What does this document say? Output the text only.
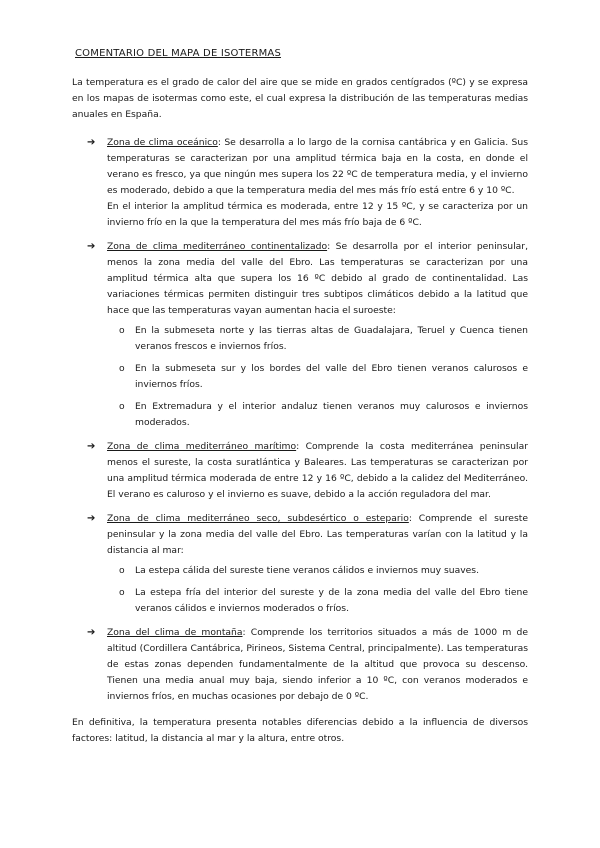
COMENTARIO DEL MAPA DE ISOTERMAS

La temperatura es el grado de calor del aire que se mide en grados centígrados (ºC) y se expresa en los mapas de isotermas como este, el cual expresa la distribución de las temperaturas medias anuales en España.

➔ Zona de clima oceánico: Se desarrolla a lo largo de la cornisa cantábrica y en Galicia. Sus temperaturas se caracterizan por una amplitud térmica baja en la costa, en donde el verano es fresco, ya que ningún mes supera los 22 ºC de temperatura media, y el invierno es moderado, debido a que la temperatura media del mes más frío está entre 6 y 10 ºC.

En el interior la amplitud térmica es moderada, entre 12 y 15 ºC, y se caracteriza por un invierno frío en la que la temperatura del mes más frío baja de 6 ºC.

➔ Zona de clima mediterráneo continentalizado: Se desarrolla por el interior peninsular, menos la zona media del valle del Ebro. Las temperaturas se caracterizan por una amplitud térmica alta que supera los 16 ºC debido al grado de continentalidad. Las variaciones térmicas permiten distinguir tres subtipos climáticos debido a la latitud que hace que las temperaturas vayan aumentan hacia el suroeste:

o En la submeseta norte y las tierras altas de Guadalajara, Teruel y Cuenca tienen veranos frescos e inviernos fríos.
o En la submeseta sur y los bordes del valle del Ebro tienen veranos calurosos e inviernos fríos.
o En Extremadura y el interior andaluz tienen veranos muy calurosos e inviernos moderados.
➔ Zona de clima mediterráneo marítimo: Comprende la costa mediterránea peninsular menos el sureste, la costa suratlántica y Baleares. Las temperaturas se caracterizan por una amplitud térmica moderada de entre 12 y 16 ºC, debido a la calidez del Mediterráneo. El verano es caluroso y el invierno es suave, debido a la acción reguladora del mar.

➔ Zona de clima mediterráneo seco, subdesértico o estepario: Comprende el sureste peninsular y la zona media del valle del Ebro. Las temperaturas varían con la latitud y la distancia al mar:

o La estepa cálida del sureste tiene veranos cálidos e inviernos muy suaves.
o La estepa fría del interior del sureste y de la zona media del valle del Ebro tiene veranos cálidos e inviernos moderados o fríos.
➔ Zona del clima de montaña: Comprende los territorios situados a más de 1000 m de altitud (Cordillera Cantábrica, Pirineos, Sistema Central, principalmente). Las temperaturas de estas zonas dependen fundamentalmente de la altitud que provoca su descenso. Tienen una media anual muy baja, siendo inferior a 10 ºC, con veranos moderados e inviernos fríos, en muchas ocasiones por debajo de 0 ºC.

En definitiva, la temperatura presenta notables diferencias debido a la influencia de diversos factores: latitud, la distancia al mar y la altura, entre otros.
